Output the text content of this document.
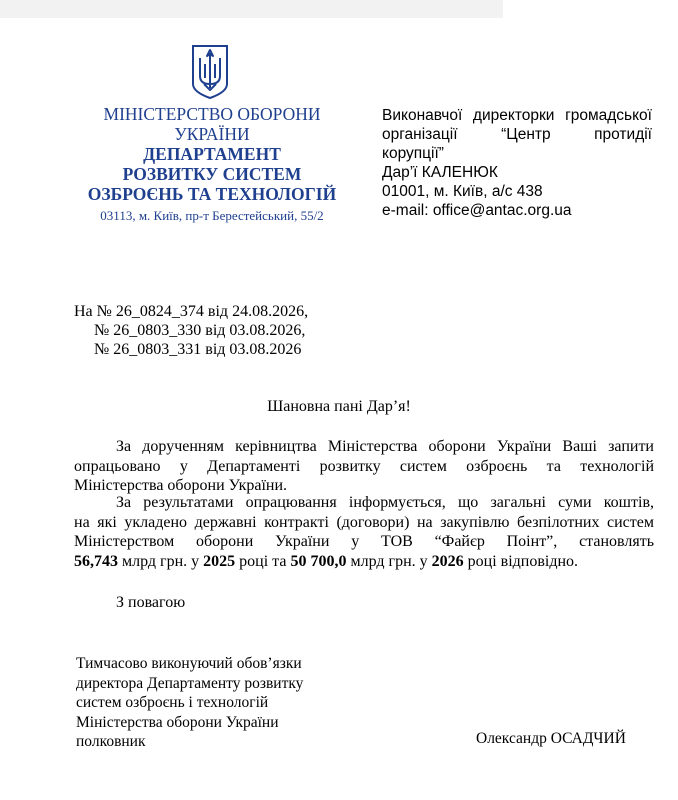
МІНІСТЕРСТВО ОБОРОНИ
УКРАЇНИ
ДЕПАРТАМЕНТ
РОЗВИТКУ СИСТЕМ
ОЗБРОЄНЬ ТА ТЕХНОЛОГІЙ
03113, м. Київ, пр-т Берестейський, 55/2
Виконавчої директорки громадської
організації “Центр протидії
корупції”
Дар’ї КАЛЕНЮК
01001, м. Київ, а/с 438
e-mail: office@antac.org.ua
На № 26_0824_374 від 24.08.2026,
№ 26_0803_330 від 03.08.2026,
№ 26_0803_331 від 03.08.2026
Шановна пані Дар’я!
За дорученням керівництва Міністерства оборони України Ваші запити
опрацьовано у Департаменті розвитку систем озброєнь та технологій
Міністерства оборони України.
За результатами опрацювання інформується, що загальні суми коштів,
на які укладено державні контракті (договори) на закупівлю безпілотних систем
Міністерством оборони України у ТОВ “Файєр Поінт”, становлять
56,743 млрд грн. у 2025 році та 50 700,0 млрд грн. у 2026 році відповідно.
З повагою
Тимчасово виконуючий обов’язки
директора Департаменту розвитку
систем озброєнь і технологій
Міністерства оборони України
полковник	Олександр ОСАДЧИЙ
